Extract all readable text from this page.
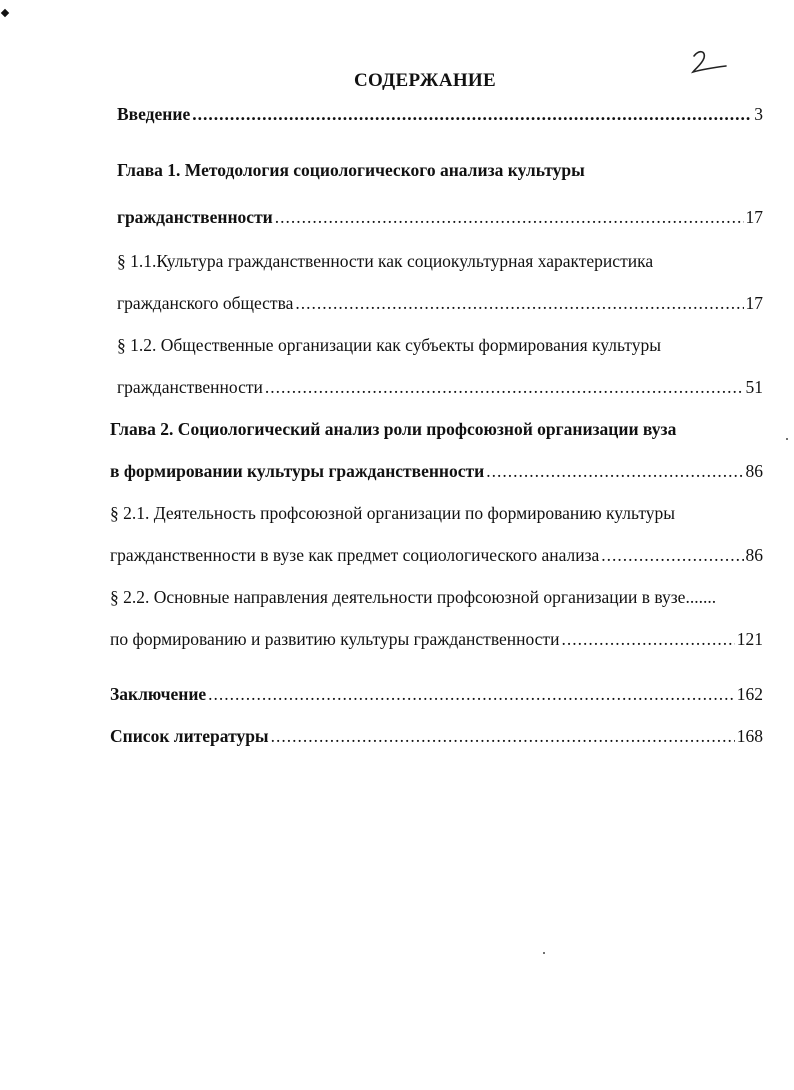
СОДЕРЖАНИЕ
Введение .....	3
Глава 1. Методология социологического анализа культуры
гражданственности .....	17
§ 1.1.Культура гражданственности как социокультурная характеристика
гражданского общества .....	17
§ 1.2. Общественные организации как субъекты формирования культуры
гражданственности .....	51
Глава 2. Социологический анализ роли профсоюзной организации вуза
в формировании культуры гражданственности .....	86
§ 2.1. Деятельность профсоюзной организации по формированию культуры
гражданственности в вузе как предмет социологического анализа .....	86
§ 2.2. Основные направления деятельности профсоюзной организации в вузе.......
по формированию и развитию культуры гражданственности .....	121
Заключение .....	162
Список литературы .....	168
